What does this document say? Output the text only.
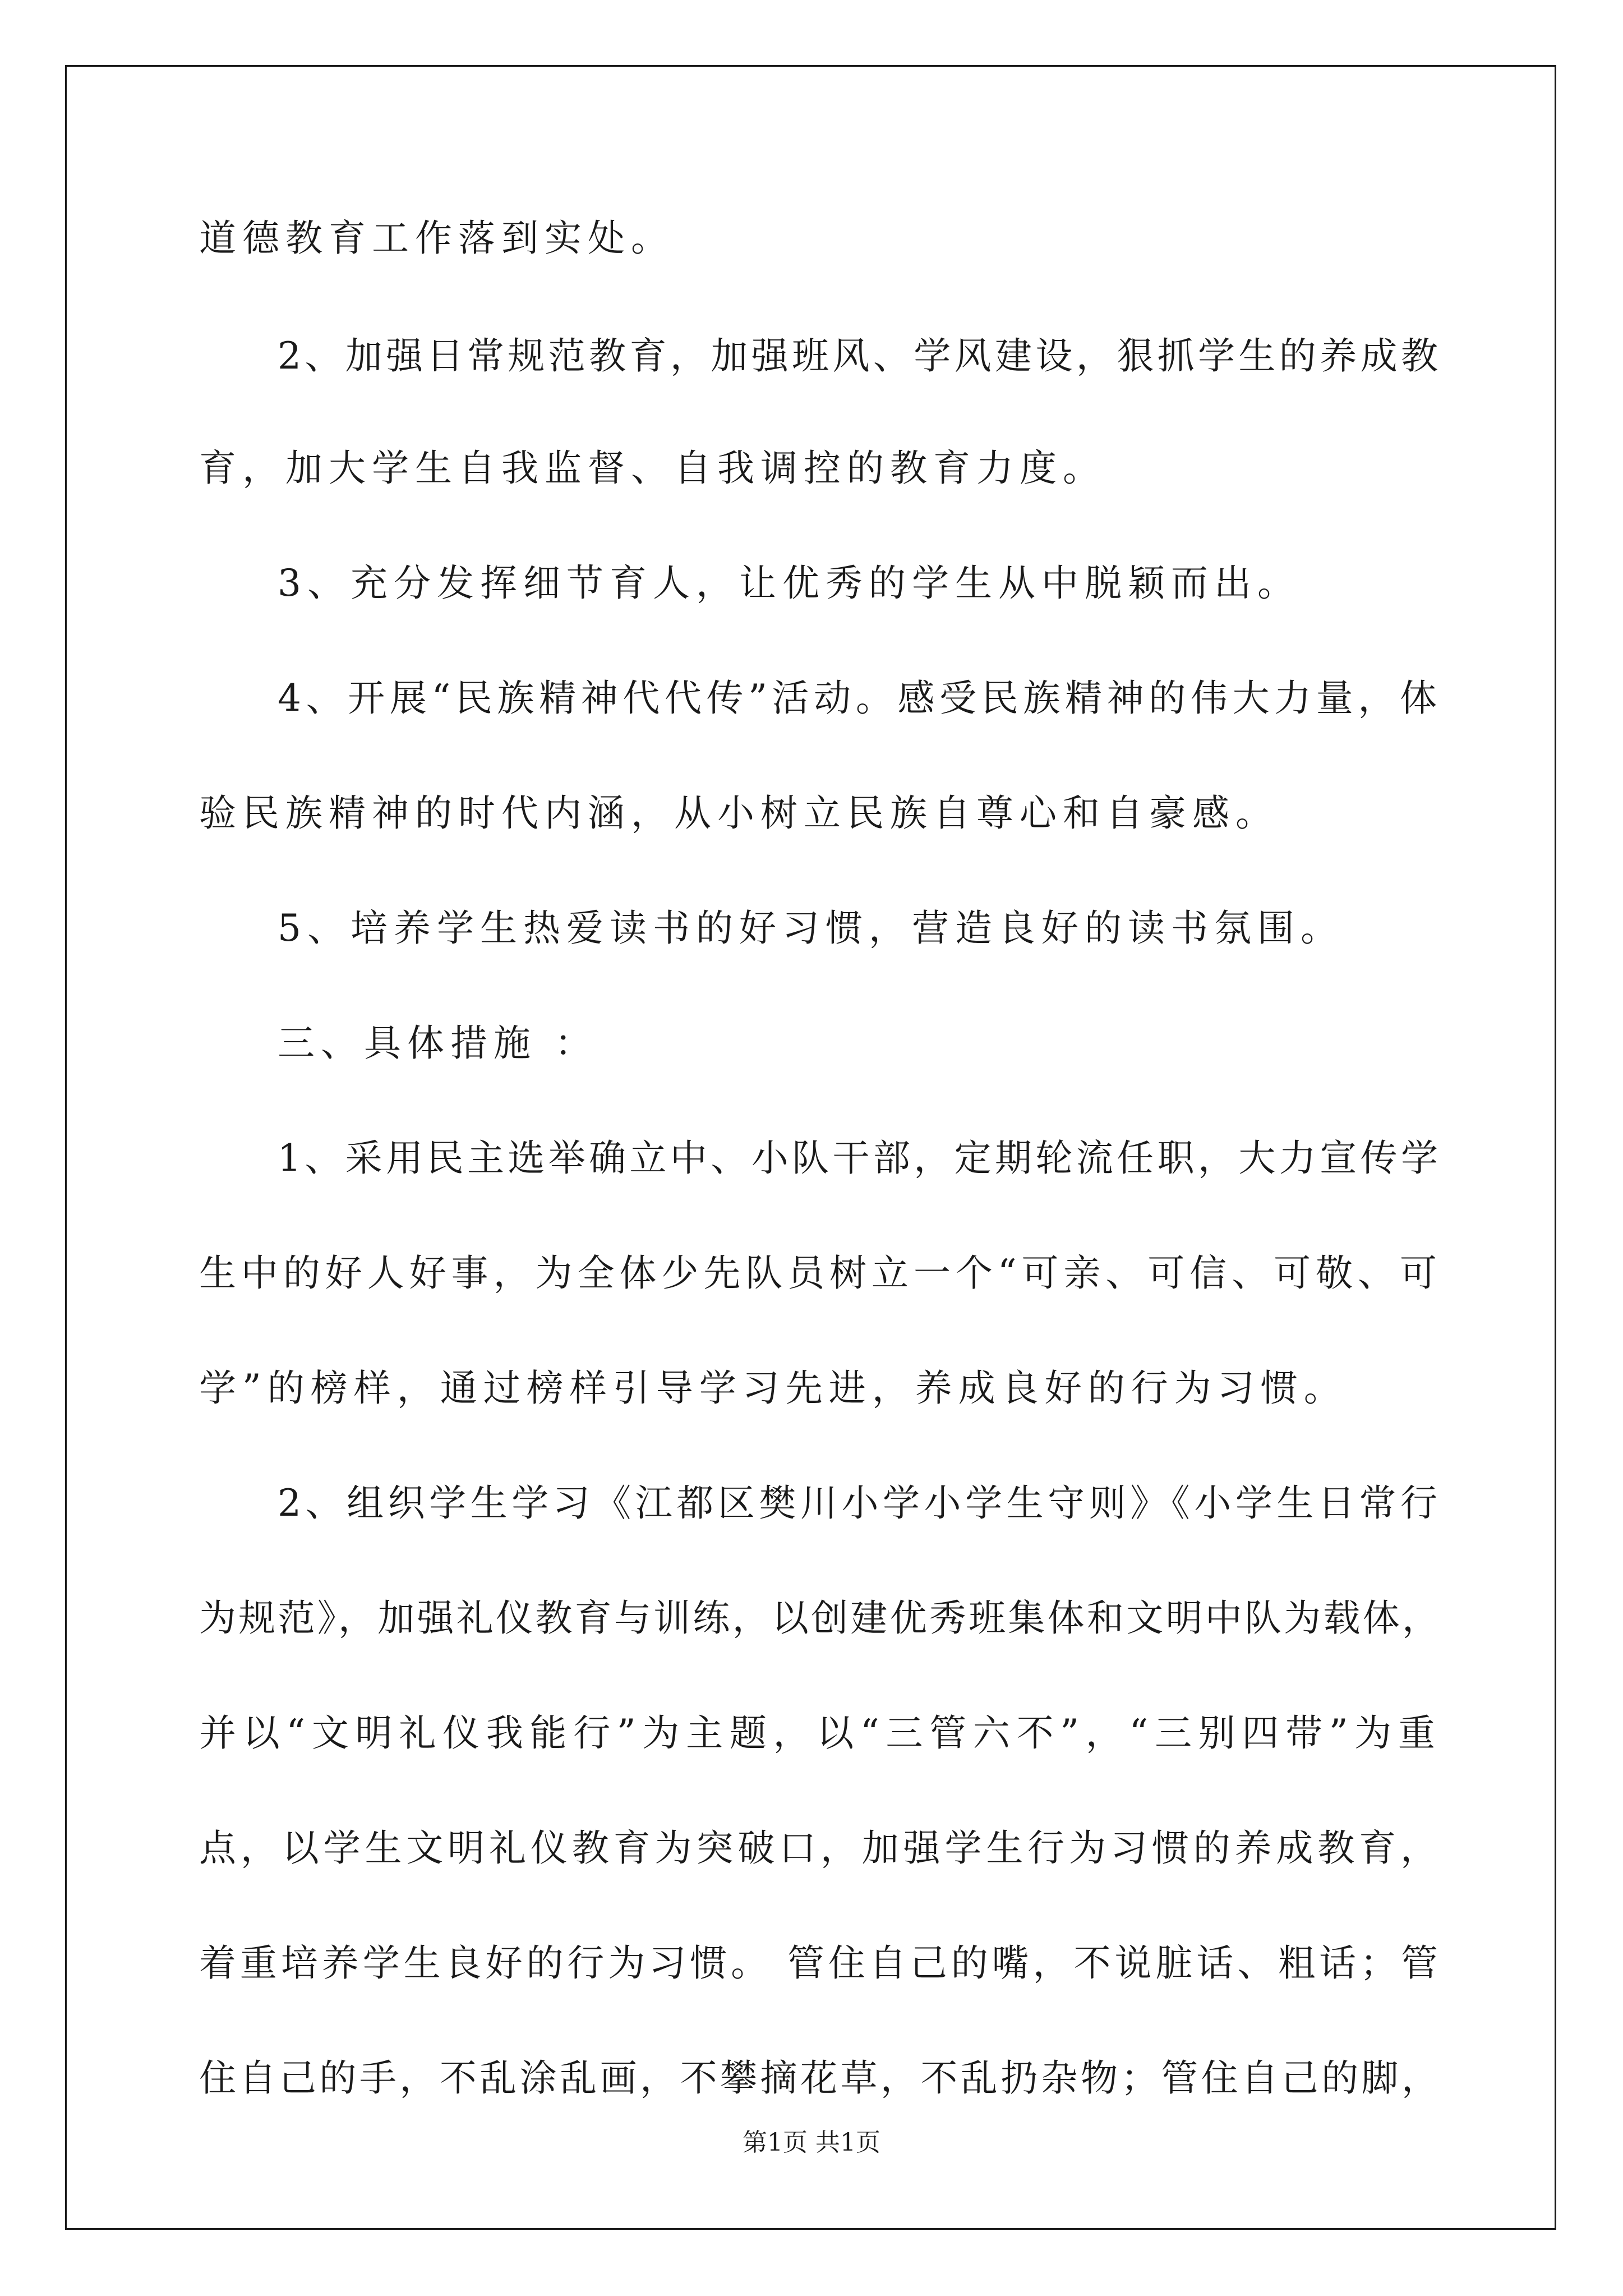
道德教育工作落到实处。
2、加强日常规范教育，加强班风、学风建设，狠抓学生的养成教
育，加大学生自我监督、自我调控的教育力度。
3、充分发挥细节育人，让优秀的学生从中脱颖而出。
4、开展“民族精神代代传”活动。感受民族精神的伟大力量，体
验民族精神的时代内涵，从小树立民族自尊心和自豪感。
5、培养学生热爱读书的好习惯，营造良好的读书氛围。
三、具体措施 ：
1、采用民主选举确立中、小队干部，定期轮流任职，大力宣传学
生中的好人好事，为全体少先队员树立一个“可亲、可信、可敬、可
学”的榜样，通过榜样引导学习先进，养成良好的行为习惯。
2、组织学生学习《江都区樊川小学小学生守则》《小学生日常行
为规范》，加强礼仪教育与训练，以创建优秀班集体和文明中队为载体，
并以“文明礼仪我能行”为主题，以“三管六不”，“三别四带”为重
点，以学生文明礼仪教育为突破口，加强学生行为习惯的养成教育，
着重培养学生良好的行为习惯。 管住自己的嘴，不说脏话、粗话；管
住自己的手，不乱涂乱画，不攀摘花草，不乱扔杂物；管住自己的脚，
第1页 共1页
